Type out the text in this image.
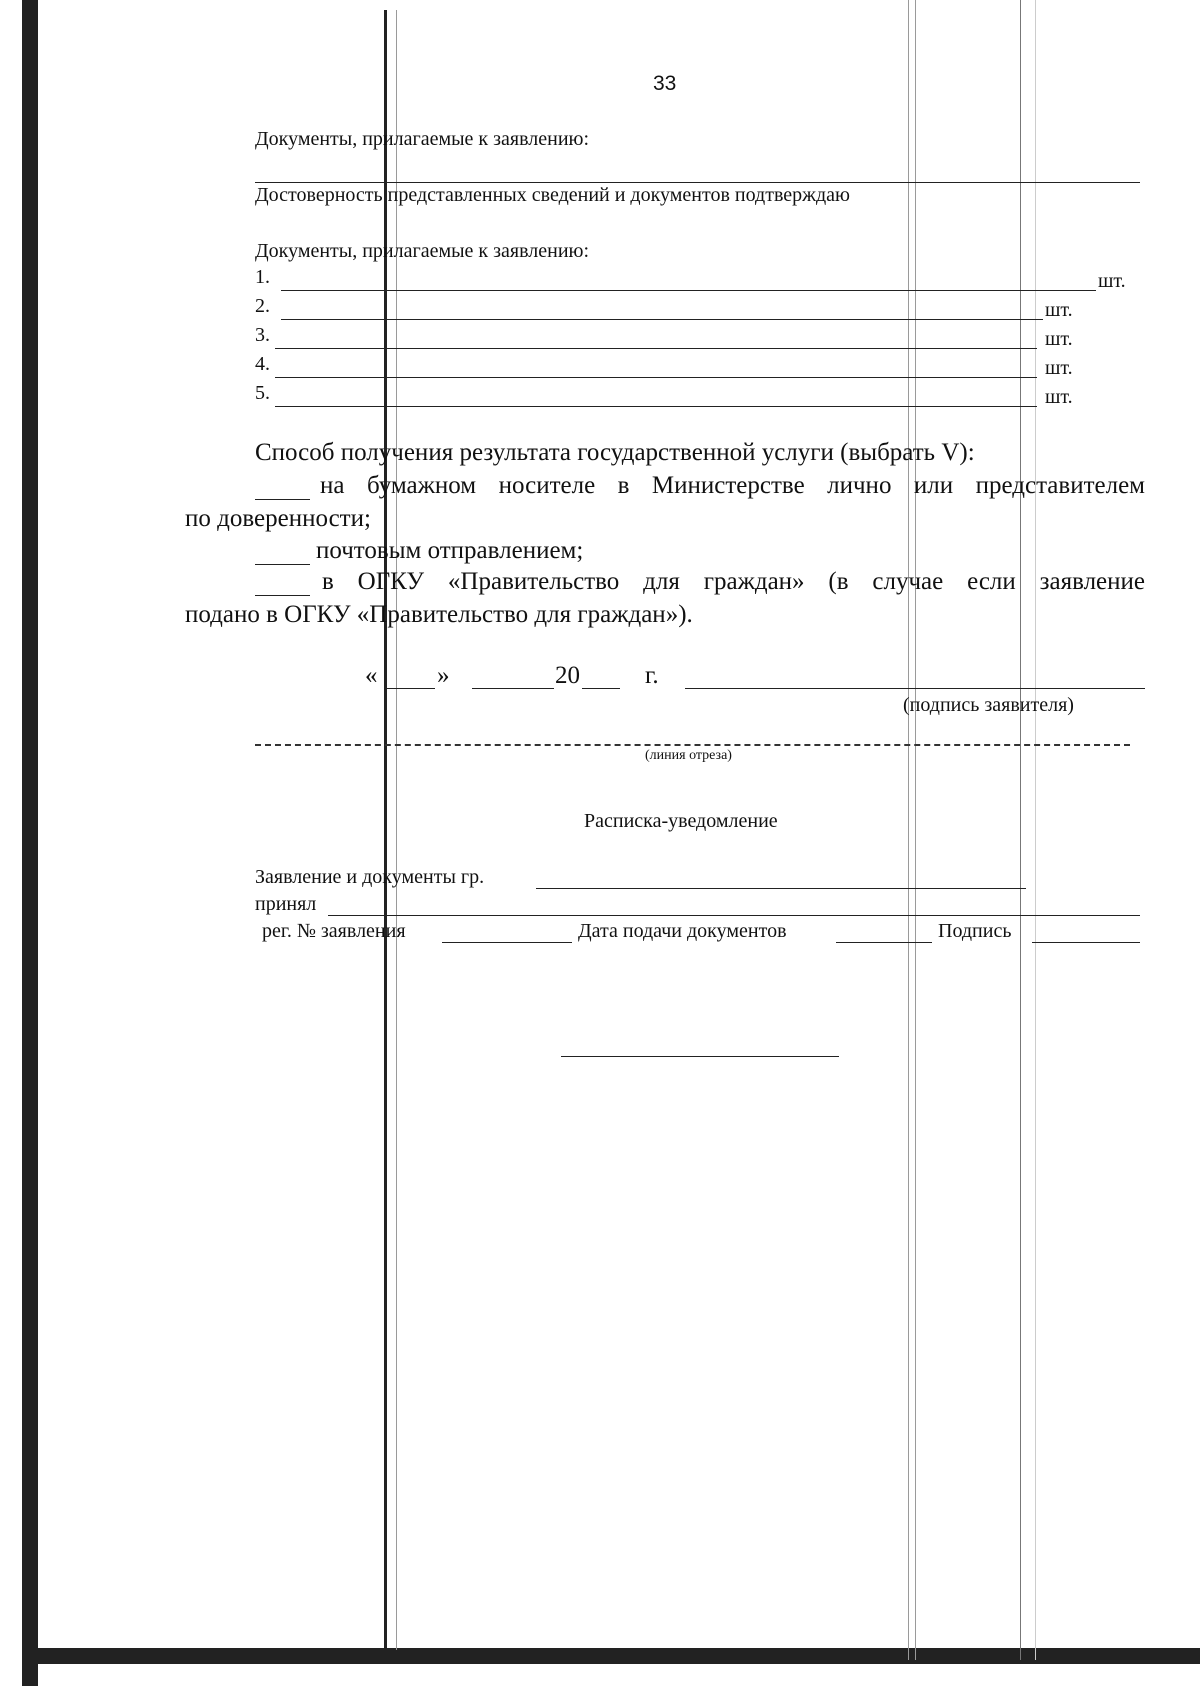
33
Документы, прилагаемые к заявлению:
Достоверность представленных сведений и документов подтверждаю
Документы, прилагаемые к заявлению:
1.	шт.
2.	шт.
3.	шт.
4.	шт.
5.	шт.
Способ получения результата государственной услуги (выбрать V):
на бумажном носителе в Министерстве лично или представителем
по доверенности;
почтовым отправлением;
в ОГКУ «Правительство для граждан» (в случае если заявление
подано в ОГКУ «Правительство для граждан»).
« »	20	г.
(подпись заявителя)
(линия отреза)
Расписка-уведомление
Заявление и документы гр.
принял
рег. № заявления	Дата подачи документов	Подпись
